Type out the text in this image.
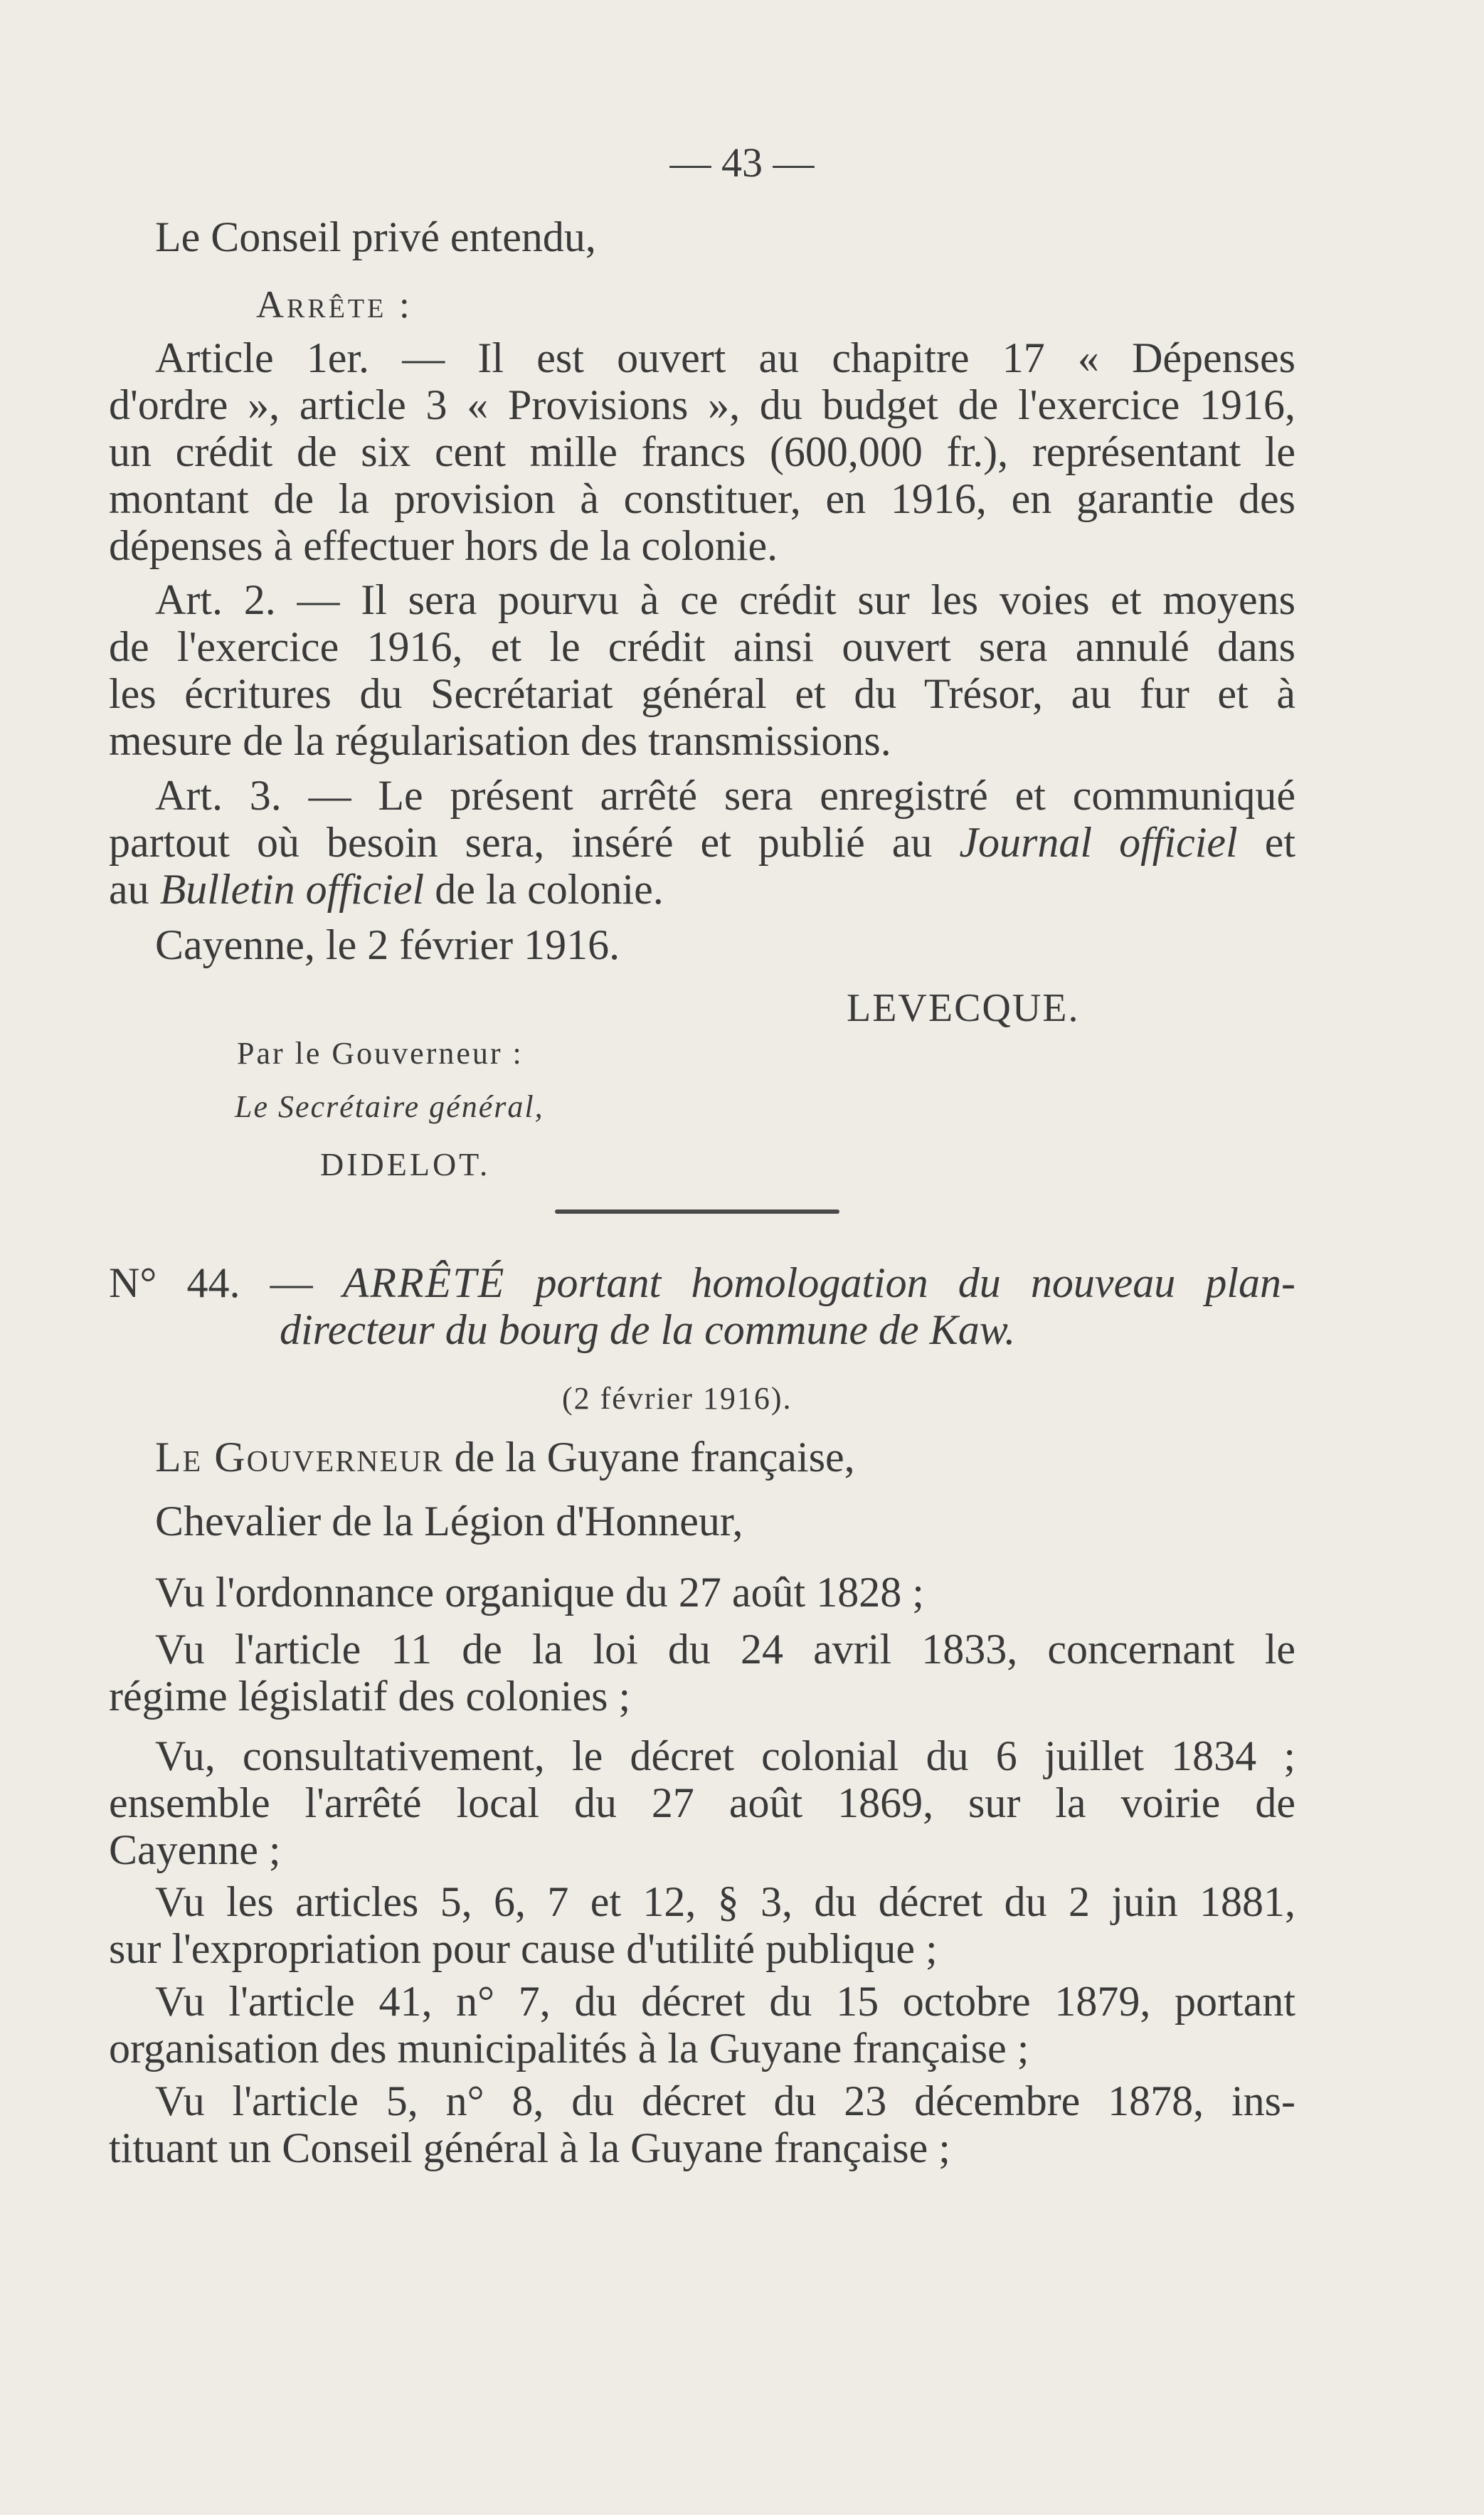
— 43 —
Le Conseil privé entendu,
Arrête :
Article 1er. — Il est ouvert au chapitre 17 « Dépenses
d'ordre », article 3 « Provisions », du budget de l'exercice 1916,
un crédit de six cent mille francs (600,000 fr.), représentant le
montant de la provision à constituer, en 1916, en garantie des
dépenses à effectuer hors de la colonie.
Art. 2. — Il sera pourvu à ce crédit sur les voies et moyens
de l'exercice 1916, et le crédit ainsi ouvert sera annulé dans
les écritures du Secrétariat général et du Trésor, au fur et à
mesure de la régularisation des transmissions.
Art. 3. — Le présent arrêté sera enregistré et communiqué
partout où besoin sera, inséré et publié au Journal officiel et
au Bulletin officiel de la colonie.
Cayenne, le 2 février 1916.
LEVECQUE.
Par le Gouverneur :
Le Secrétaire général,
DIDELOT.
N° 44. — ARRÊTÉ portant homologation du nouveau plan-
directeur du bourg de la commune de Kaw.
(2 février 1916).
Le Gouverneur de la Guyane française,
Chevalier de la Légion d'Honneur,
Vu l'ordonnance organique du 27 août 1828 ;
Vu l'article 11 de la loi du 24 avril 1833, concernant le
régime législatif des colonies ;
Vu, consultativement, le décret colonial du 6 juillet 1834 ;
ensemble l'arrêté local du 27 août 1869, sur la voirie de
Cayenne ;
Vu les articles 5, 6, 7 et 12, § 3, du décret du 2 juin 1881,
sur l'expropriation pour cause d'utilité publique ;
Vu l'article 41, n° 7, du décret du 15 octobre 1879, portant
organisation des municipalités à la Guyane française ;
Vu l'article 5, n° 8, du décret du 23 décembre 1878, ins-
tituant un Conseil général à la Guyane française ;
